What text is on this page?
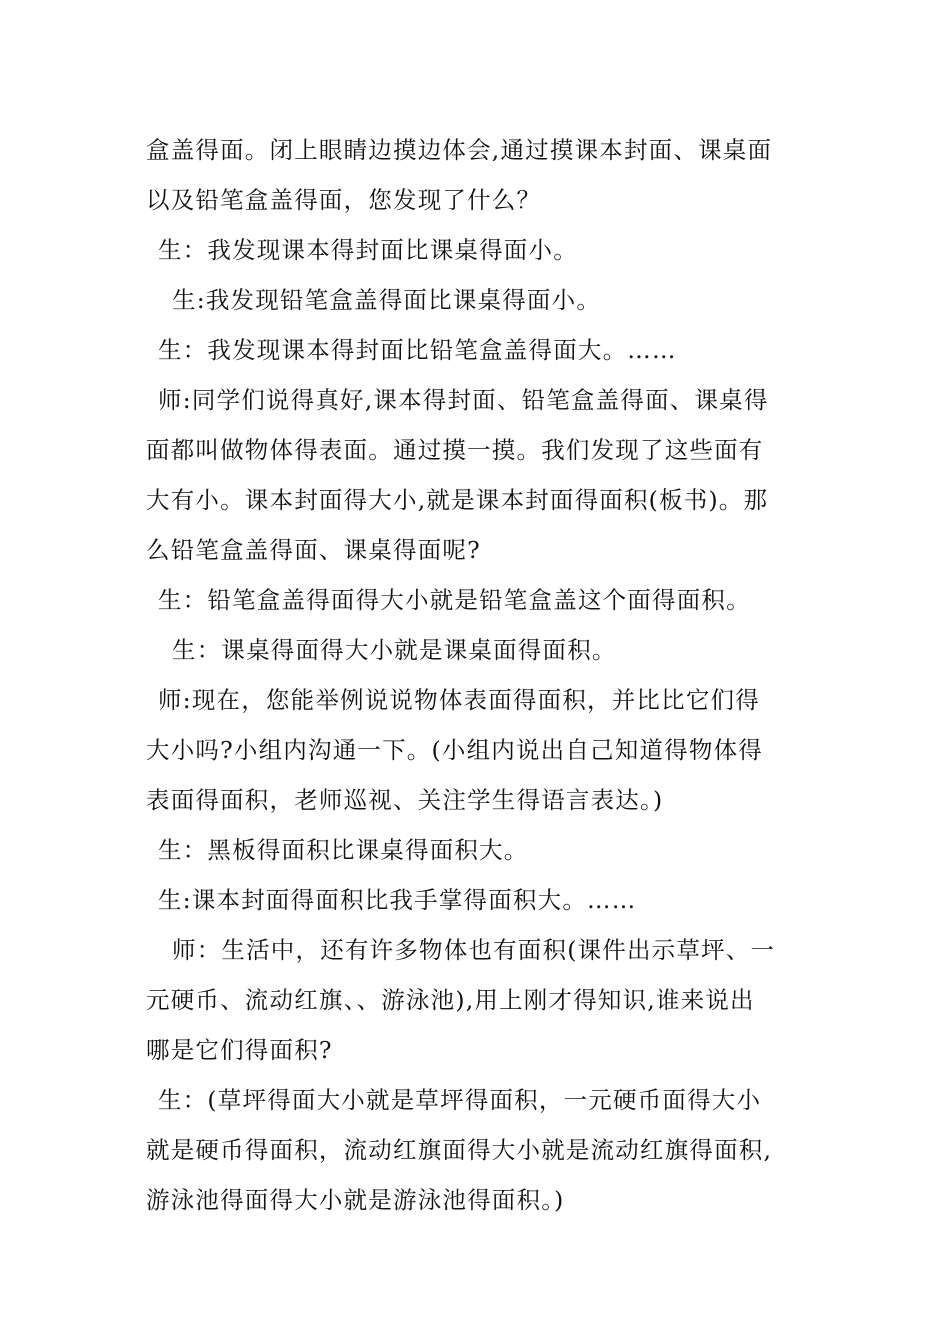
盒盖得面。闭上眼睛边摸边体会,通过摸课本封面、课桌面
以及铅笔盒盖得面，您发现了什么？

生：我发现课本得封面比课桌得面小。

生:我发现铅笔盒盖得面比课桌得面小。

生：我发现课本得封面比铅笔盒盖得面大。……

师:同学们说得真好,课本得封面、铅笔盒盖得面、课桌得
面都叫做物体得表面。通过摸一摸。我们发现了这些面有
大有小。课本封面得大小,就是课本封面得面积(板书)。那
么铅笔盒盖得面、课桌得面呢?

生：铅笔盒盖得面得大小就是铅笔盒盖这个面得面积。

生：课桌得面得大小就是课桌面得面积。

师:现在，您能举例说说物体表面得面积，并比比它们得
大小吗?小组内沟通一下。(小组内说出自己知道得物体得
表面得面积，老师巡视、关注学生得语言表达。)

生：黑板得面积比课桌得面积大。

生:课本封面得面积比我手掌得面积大。……

师：生活中，还有许多物体也有面积(课件出示草坪、一
元硬币、流动红旗、、游泳池),用上刚才得知识,谁来说出
哪是它们得面积?

生：(草坪得面大小就是草坪得面积，一元硬币面得大小
就是硬币得面积，流动红旗面得大小就是流动红旗得面积,
游泳池得面得大小就是游泳池得面积。)
